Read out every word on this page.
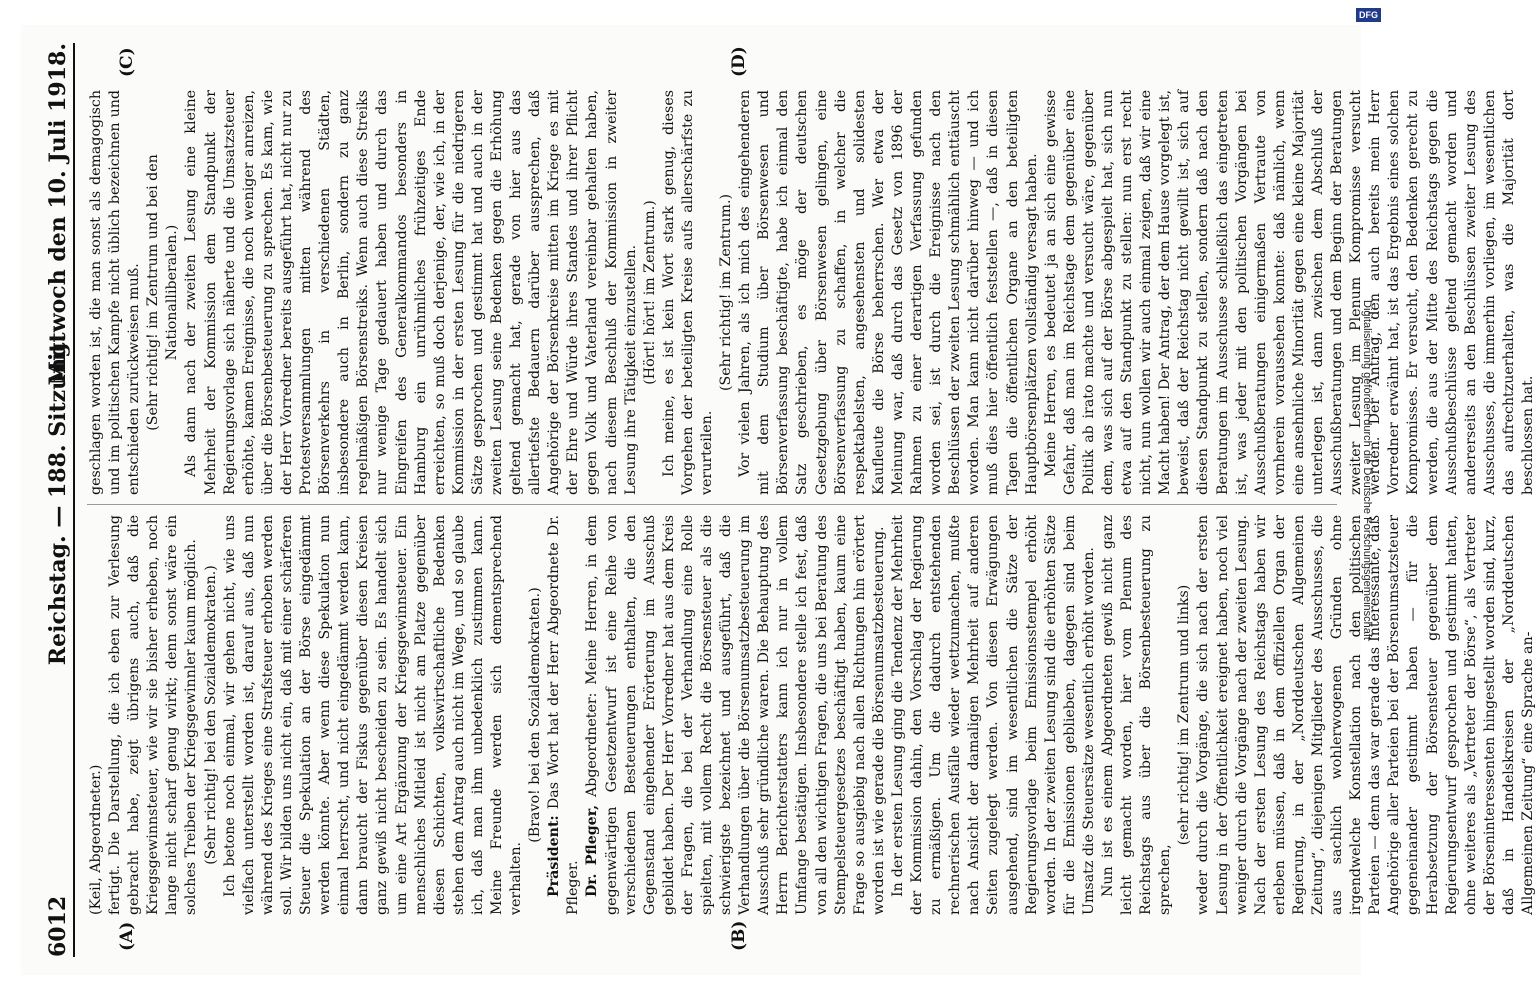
6012
Reichstag. — 188. Sitzung.
Mittwoch den 10. Juli 1918.
(A)	(B)
(C)	(D)

(Keil, Abgeordneter.) fertigt. Die Darstellung, die ich eben zur Verlesung gebracht habe, zeigt übrigens auch, daß die Kriegsgewinnsteuer, wie wir sie bisher erheben, noch lange nicht scharf genug wirkt; denn sonst wäre ein solches Treiben der Kriegsgewinnler kaum möglich. (Sehr richtig! bei den Sozialdemokraten.) Ich betone noch einmal, wir gehen nicht, wie uns vielfach unterstellt worden ist, darauf aus, daß nun während des Krieges eine Strafsteuer erhoben werden soll. Wir bilden uns nicht ein, daß mit einer schärferen Steuer die Spekulation an der Börse eingedämmt werden könnte. Aber wenn diese Spekulation nun einmal herrscht, und nicht eingedämmt werden kann, dann braucht der Fiskus gegenüber diesen Kreisen ganz gewiß nicht bescheiden zu sein. Es handelt sich um eine Art Ergänzung der Kriegsgewinnsteuer. Ein menschliches Mitleid ist nicht am Platze gegenüber diesen Schichten, volkswirtschaftliche Bedenken stehen dem Antrag auch nicht im Wege, und so glaube ich, daß man ihm unbedenklich zustimmen kann. Meine Freunde werden sich dementsprechend verhalten.

(Bravo! bei den Sozialdemokraten.)

Präsident: Das Wort hat der Herr Abgeordnete Dr. Pfleger. Dr. Pfleger, Abgeordneter: Meine Herren, in dem gegenwärtigen Gesetzentwurf ist eine Reihe von verschiedenen Besteuerungen enthalten, die den Gegenstand eingehender Erörterung im Ausschuß gebildet haben. Der Herr Vorredner hat aus dem Kreis der Fragen, die bei der Verhandlung eine Rolle spielten, mit vollem Recht die Börsensteuer als die schwierigste bezeichnet und ausgeführt, daß die Verhandlungen über die Börsenumsatzbesteuerung im Ausschuß sehr gründliche waren. Die Behauptung des Herrn Berichterstatters kann ich nur in vollem Umfange bestätigen. Insbesondere stelle ich fest, daß von all den wichtigen Fragen, die uns bei Beratung des Stempelsteuergesetzes beschäftigt haben, kaum eine Frage so ausgiebig nach allen Richtungen hin erörtert worden ist wie gerade die Börsenumsatzbesteuerung. In der ersten Lesung ging die Tendenz der Mehrheit der Kommission dahin, den Vorschlag der Regierung zu ermäßigen. Um die dadurch entstehenden rechnerischen Ausfälle wieder wettzumachen, mußte nach Ansicht der damaligen Mehrheit auf anderen Seiten zugelegt werden. Von diesen Erwägungen ausgehend, sind im wesentlichen die Sätze der Regierungsvorlage beim Emissionsstempel erhöht worden. In der zweiten Lesung sind die erhöhten Sätze für die Emissionen geblieben, dagegen sind beim Umsatz die Steuersätze wesentlich erhöht worden. Nun ist es einem Abgeordneten gewiß nicht ganz leicht gemacht worden, hier vom Plenum des Reichstags aus über die Börsenbesteuerung zu sprechen,

(sehr richtig! im Zentrum und links) weder durch die Vorgänge, die sich nach der ersten Lesung in der Öffentlichkeit ereignet haben, noch viel weniger durch die Vorgänge nach der zweiten Lesung. Nach der ersten Lesung des Reichstags haben wir erleben müssen, daß in dem offiziellen Organ der Regierung, in der „Norddeutschen Allgemeinen Zeitung“, diejenigen Mitglieder des Ausschusses, die aus sachlich wohlerwogenen Gründen ohne irgendwelche Konstellation nach den politischen Parteien — denn das war gerade das Interessante, daß Angehörige aller Parteien bei der Börsenumsatzsteuer gegeneinander gestimmt haben — für die Herabsetzung der Börsensteuer gegenüber dem Regierungsentwurf gesprochen und gestimmt hatten, ohne weiteres als „Vertreter der Börse“, als Vertreter der Börseninteressenten hingestellt worden sind, kurz, daß in Handelskreisen der „Norddeutschen Allgemeinen Zeitung“ eine Sprache an-

geschlagen worden ist, die man sonst als demagogisch und im politischen Kampfe nicht üblich bezeichnen und entschieden zurückweisen muß. (Sehr richtig! im Zentrum und bei den Nationalliberalen.) Als dann nach der zweiten Lesung eine kleine Mehrheit der Kommission dem Standpunkt der Regierungsvorlage sich näherte und die Umsatzsteuer erhöhte, kamen Ereignisse, die noch weniger anreizen, über die Börsenbesteuerung zu sprechen. Es kam, wie der Herr Vorredner bereits ausgeführt hat, nicht nur zu Protestversammlungen mitten während des Börsenverkehrs in verschiedenen Städten, insbesondere auch in Berlin, sondern zu ganz regelmäßigen Börsenstreiks. Wenn auch diese Streiks nur wenige Tage gedauert haben und durch das Eingreifen des Generalkommandos besonders in Hamburg ein unrühmliches frühzeitiges Ende erreichten, so muß doch derjenige, der, wie ich, in der Kommission in der ersten Lesung für die niedrigeren Sätze gesprochen und gestimmt hat und auch in der zweiten Lesung seine Bedenken gegen die Erhöhung geltend gemacht hat, gerade von hier aus das allertiefste Bedauern darüber aussprechen, daß Angehörige der Börsenkreise mitten im Kriege es mit der Ehre und Würde ihres Standes und ihrer Pflicht gegen Volk und Vaterland vereinbar gehalten haben, nach diesem Beschluß der Kommission in zweiter Lesung ihre Tätigkeit einzustellen. (Hört! hört! im Zentrum.) Ich meine, es ist kein Wort stark genug, dieses Vorgehen der beteiligten Kreise aufs allerschärfste zu verurteilen.

(Sehr richtig! im Zentrum.) Vor vielen Jahren, als ich mich des eingehenderen mit dem Studium über Börsenwesen und Börsenverfassung beschäftigte, habe ich einmal den Satz geschrieben, es möge der deutschen Gesetzgebung über Börsenwesen gelingen, eine Börsenverfassung zu schaffen, in welcher die respektabelsten, angesehensten und solidesten Kaufleute die Börse beherrschen. Wer etwa der Meinung war, daß durch das Gesetz von 1896 der Rahmen zu einer derartigen Verfassung gefunden worden sei, ist durch die Ereignisse nach den Beschlüssen der zweiten Lesung schmählich enttäuscht worden. Man kann nicht darüber hinweg — und ich muß dies hier öffentlich feststellen —, daß in diesen Tagen die öffentlichen Organe an den beteiligten Hauptbörsenplätzen vollständig versagt haben. Meine Herren, es bedeutet ja an sich eine gewisse Gefahr, daß man im Reichstage dem gegenüber eine Politik ab irato machte und versucht wäre, gegenüber dem, was sich auf der Börse abgespielt hat, sich nun etwa auf den Standpunkt zu stellen: nun erst recht nicht, nun wollen wir auch einmal zeigen, daß wir eine Macht haben! Der Antrag, der dem Hause vorgelegt ist, beweist, daß der Reichstag nicht gewillt ist, sich auf diesen Standpunkt zu stellen, sondern daß nach den Beratungen im Ausschusse schließlich das eingetreten ist, was jeder mit den politischen Vorgängen bei Ausschußberatungen einigermaßen Vertraute von vornherein voraussehen konnte: daß nämlich, wenn eine ansehnliche Minorität gegen eine kleine Majorität unterlegen ist, dann zwischen dem Abschluß der Ausschußberatungen und dem Beginn der Beratungen zweiter Lesung im Plenum Kompromisse versucht werden. Der Antrag, den auch bereits mein Herr Vorredner erwähnt hat, ist das Ergebnis eines solchen Kompromisses. Er versucht, den Bedenken gerecht zu werden, die aus der Mitte des Reichstags gegen die Ausschußbeschlüsse geltend gemacht worden und andererseits an den Beschlüssen zweiter Lesung des Ausschusses, die immerhin vorliegen, im wesentlichen das aufrechtzuerhalten, was die Majorität dort beschlossen hat.

DFG
Digitalisierung gefördert durch die Deutsche Forschungsgemeinschaft
